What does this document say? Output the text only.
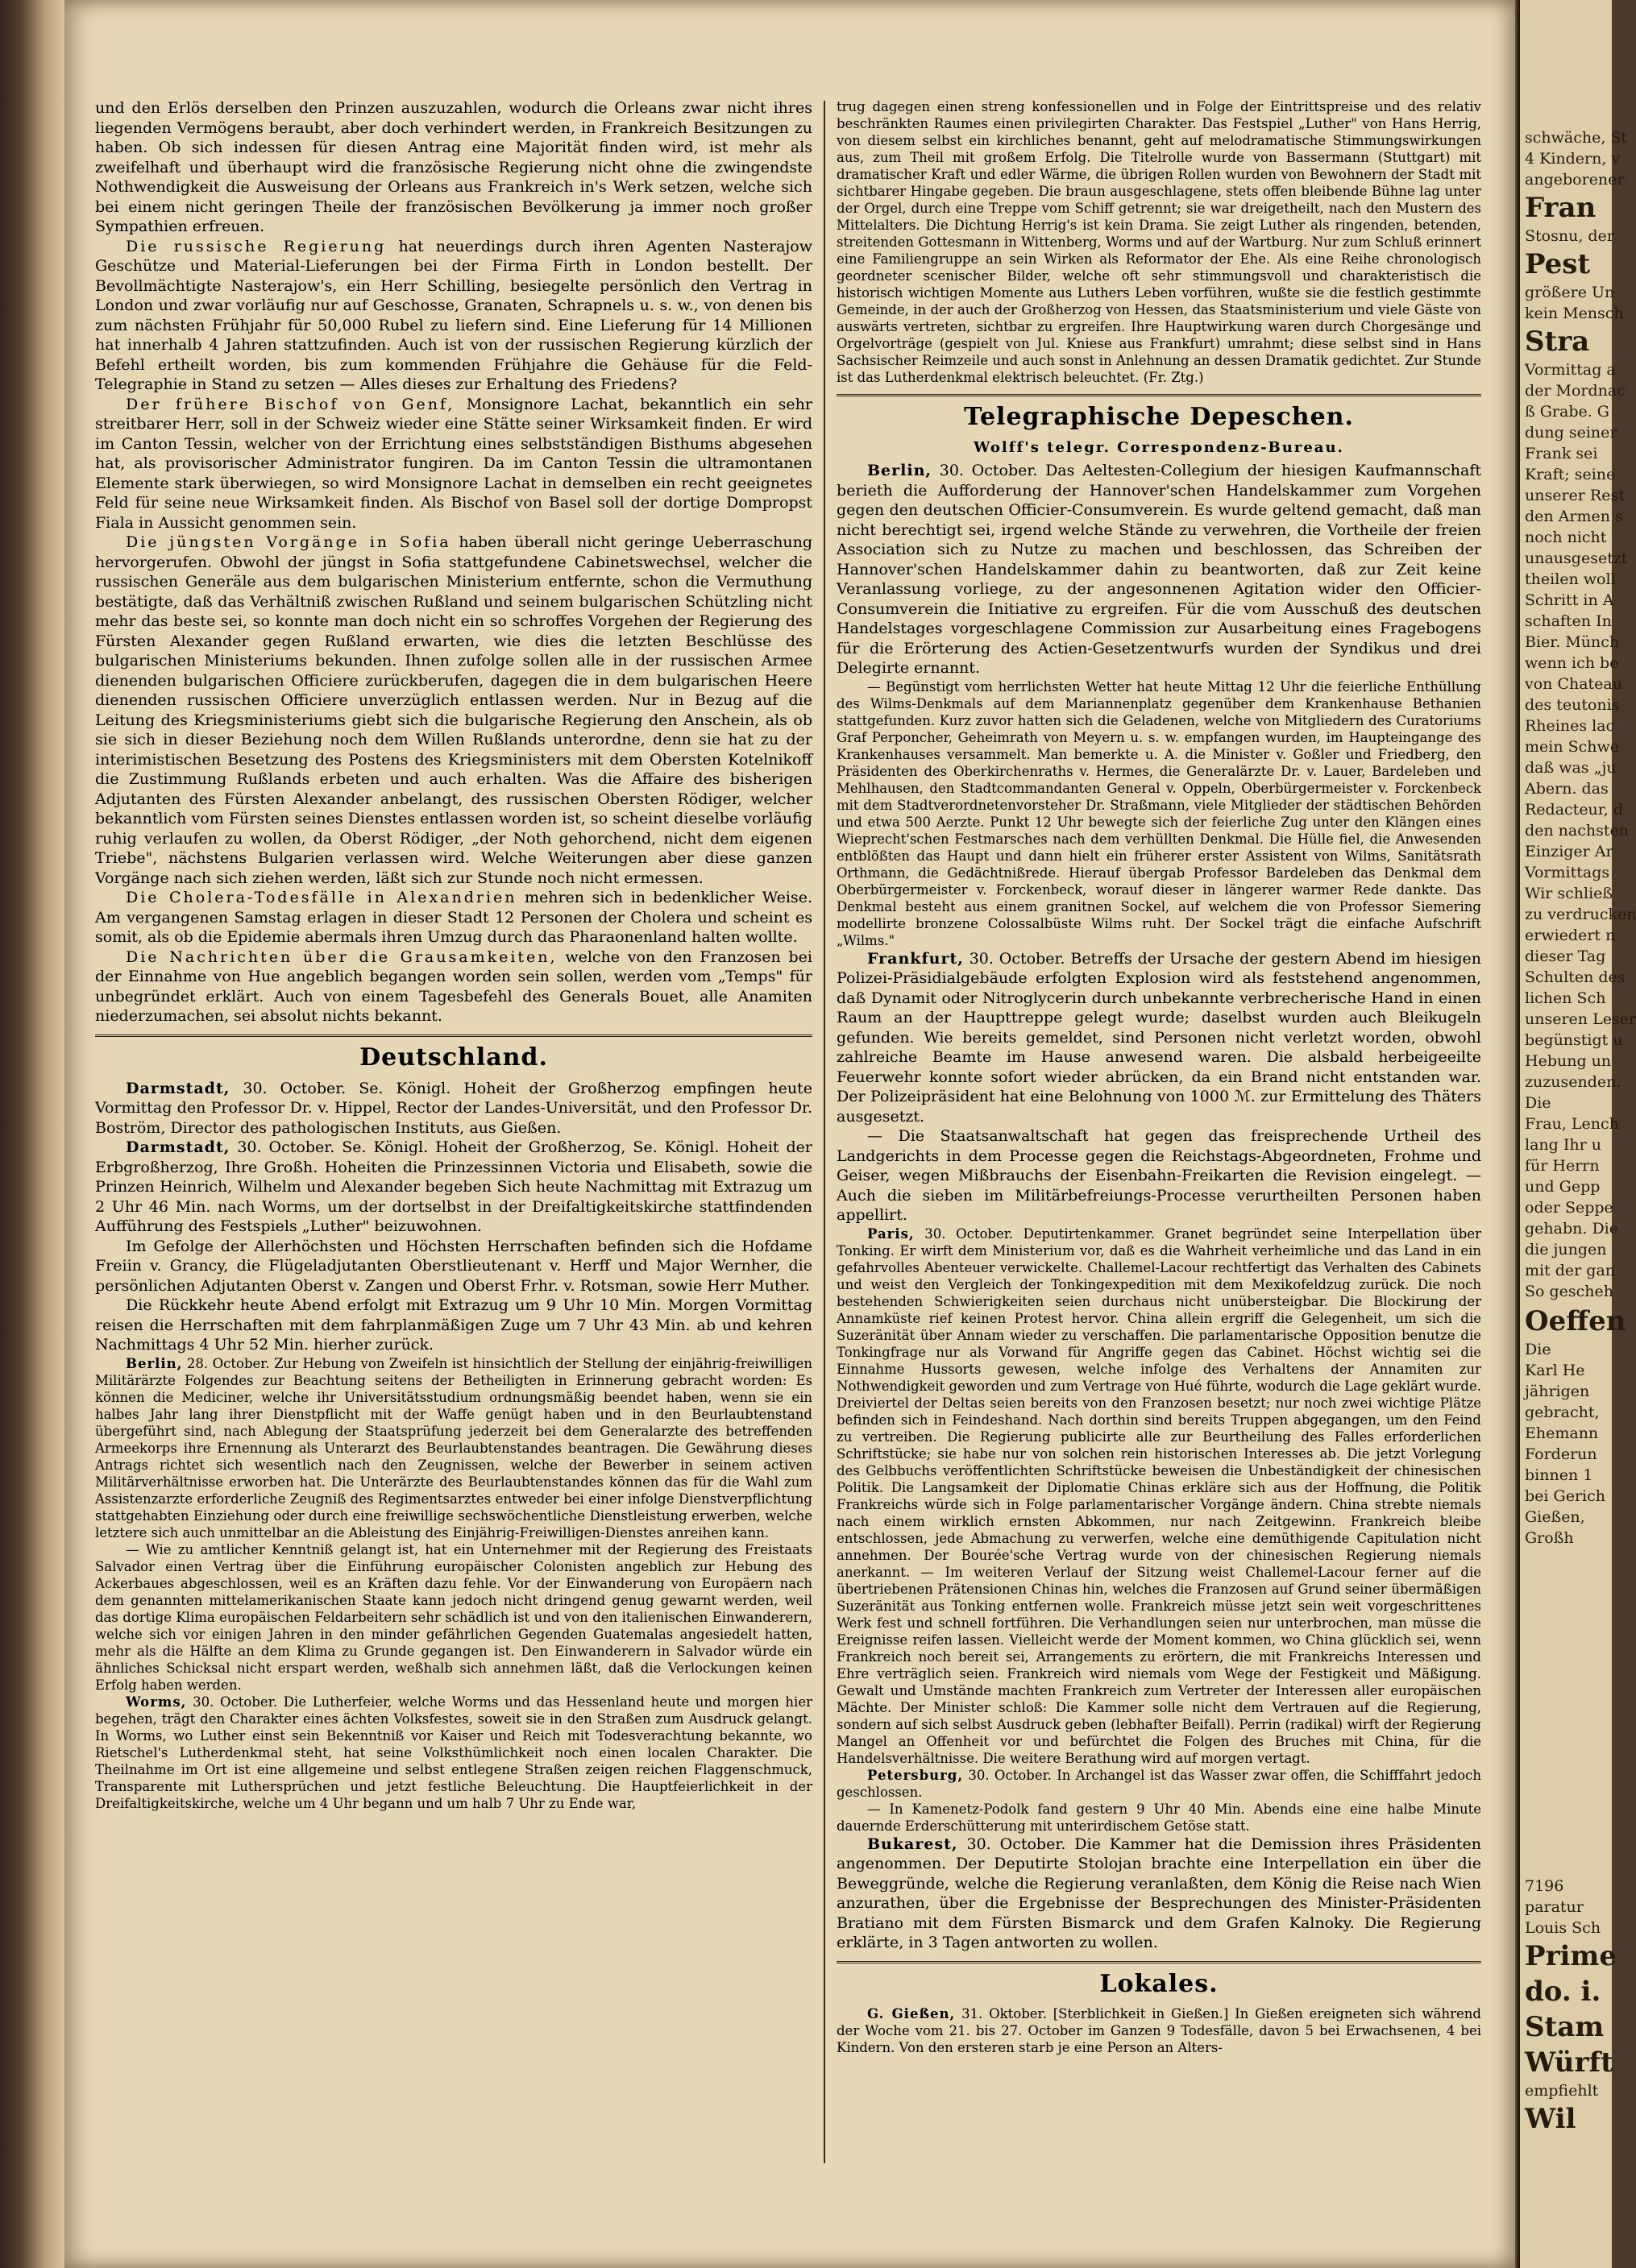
und den Erlös derselben den Prinzen auszuzahlen, wodurch die Orleans zwar nicht ihres liegenden Vermögens beraubt, aber doch verhindert werden, in Frankreich Besitzungen zu haben. Ob sich indessen für diesen Antrag eine Majorität finden wird, ist mehr als zweifelhaft und überhaupt wird die französische Regierung nicht ohne die zwingendste Nothwendigkeit die Ausweisung der Orleans aus Frankreich in's Werk setzen, welche sich bei einem nicht geringen Theile der französischen Bevölkerung ja immer noch großer Sympathien erfreuen.

Die russische Regierung hat neuerdings durch ihren Agenten Nasterajow Geschütze und Material-Lieferungen bei der Firma Firth in London bestellt. Der Bevollmächtigte Nasterajow's, ein Herr Schilling, besiegelte persönlich den Vertrag in London und zwar vorläufig nur auf Geschosse, Granaten, Schrapnels u. s. w., von denen bis zum nächsten Frühjahr für 50,000 Rubel zu liefern sind. Eine Lieferung für 14 Millionen hat innerhalb 4 Jahren stattzufinden. Auch ist von der russischen Regierung kürzlich der Befehl ertheilt worden, bis zum kommenden Frühjahre die Gehäuse für die Feld-Telegraphie in Stand zu setzen — Alles dieses zur Erhaltung des Friedens?

Der frühere Bischof von Genf, Monsignore Lachat, bekanntlich ein sehr streitbarer Herr, soll in der Schweiz wieder eine Stätte seiner Wirksamkeit finden. Er wird im Canton Tessin, welcher von der Errichtung eines selbstständigen Bisthums abgesehen hat, als provisorischer Administrator fungiren. Da im Canton Tessin die ultramontanen Elemente stark überwiegen, so wird Monsignore Lachat in demselben ein recht geeignetes Feld für seine neue Wirksamkeit finden. Als Bischof von Basel soll der dortige Dompropst Fiala in Aussicht genommen sein.

Die jüngsten Vorgänge in Sofia haben überall nicht geringe Ueberraschung hervorgerufen. Obwohl der jüngst in Sofia stattgefundene Cabinetswechsel, welcher die russischen Generäle aus dem bulgarischen Ministerium entfernte, schon die Vermuthung bestätigte, daß das Verhältniß zwischen Rußland und seinem bulgarischen Schützling nicht mehr das beste sei, so konnte man doch nicht ein so schroffes Vorgehen der Regierung des Fürsten Alexander gegen Rußland erwarten, wie dies die letzten Beschlüsse des bulgarischen Ministeriums bekunden. Ihnen zufolge sollen alle in der russischen Armee dienenden bulgarischen Officiere zurückberufen, dagegen die in dem bulgarischen Heere dienenden russischen Officiere unverzüglich entlassen werden. Nur in Bezug auf die Leitung des Kriegsministeriums giebt sich die bulgarische Regierung den Anschein, als ob sie sich in dieser Beziehung noch dem Willen Rußlands unterordne, denn sie hat zu der interimistischen Besetzung des Postens des Kriegsministers mit dem Obersten Kotelnikoff die Zustimmung Rußlands erbeten und auch erhalten. Was die Affaire des bisherigen Adjutanten des Fürsten Alexander anbelangt, des russischen Obersten Rödiger, welcher bekanntlich vom Fürsten seines Dienstes entlassen worden ist, so scheint dieselbe vorläufig ruhig verlaufen zu wollen, da Oberst Rödiger, „der Noth gehorchend, nicht dem eigenen Triebe", nächstens Bulgarien verlassen wird. Welche Weiterungen aber diese ganzen Vorgänge nach sich ziehen werden, läßt sich zur Stunde noch nicht ermessen.

Die Cholera-Todesfälle in Alexandrien mehren sich in bedenklicher Weise. Am vergangenen Samstag erlagen in dieser Stadt 12 Personen der Cholera und scheint es somit, als ob die Epidemie abermals ihren Umzug durch das Pharaonenland halten wollte.

Die Nachrichten über die Grausamkeiten, welche von den Franzosen bei der Einnahme von Hue angeblich begangen worden sein sollen, werden vom „Temps" für unbegründet erklärt. Auch von einem Tagesbefehl des Generals Bouet, alle Anamiten niederzumachen, sei absolut nichts bekannt.

Deutschland.

Darmstadt, 30. October. Se. Königl. Hoheit der Großherzog empfingen heute Vormittag den Professor Dr. v. Hippel, Rector der Landes-Universität, und den Professor Dr. Boström, Director des pathologischen Instituts, aus Gießen.

Darmstadt, 30. October. Se. Königl. Hoheit der Großherzog, Se. Königl. Hoheit der Erbgroßherzog, Ihre Großh. Hoheiten die Prinzessinnen Victoria und Elisabeth, sowie die Prinzen Heinrich, Wilhelm und Alexander begeben Sich heute Nachmittag mit Extrazug um 2 Uhr 46 Min. nach Worms, um der dortselbst in der Dreifaltigkeitskirche stattfindenden Aufführung des Festspiels „Luther" beizuwohnen.

Im Gefolge der Allerhöchsten und Höchsten Herrschaften befinden sich die Hofdame Freiin v. Grancy, die Flügeladjutanten Oberstlieutenant v. Herff und Major Wernher, die persönlichen Adjutanten Oberst v. Zangen und Oberst Frhr. v. Rotsman, sowie Herr Muther.

Die Rückkehr heute Abend erfolgt mit Extrazug um 9 Uhr 10 Min. Morgen Vormittag reisen die Herrschaften mit dem fahrplanmäßigen Zuge um 7 Uhr 43 Min. ab und kehren Nachmittags 4 Uhr 52 Min. hierher zurück.

Berlin, 28. October. Zur Hebung von Zweifeln ist hinsichtlich der Stellung der einjährig-freiwilligen Militärärzte Folgendes zur Beachtung seitens der Betheiligten in Erinnerung gebracht worden: Es können die Mediciner, welche ihr Universitätsstudium ordnungsmäßig beendet haben, wenn sie ein halbes Jahr lang ihrer Dienstpflicht mit der Waffe genügt haben und in den Beurlaubtenstand übergeführt sind, nach Ablegung der Staatsprüfung jederzeit bei dem Generalarzte des betreffenden Armeekorps ihre Ernennung als Unterarzt des Beurlaubtenstandes beantragen. Die Gewährung dieses Antrags richtet sich wesentlich nach den Zeugnissen, welche der Bewerber in seinem activen Militärverhältnisse erworben hat. Die Unterärzte des Beurlaubtenstandes können das für die Wahl zum Assistenzarzte erforderliche Zeugniß des Regimentsarztes entweder bei einer infolge Dienstverpflichtung stattgehabten Einziehung oder durch eine freiwillige sechswöchentliche Dienstleistung erwerben, welche letztere sich auch unmittelbar an die Ableistung des Einjährig-Freiwilligen-Dienstes anreihen kann.

— Wie zu amtlicher Kenntniß gelangt ist, hat ein Unternehmer mit der Regierung des Freistaats Salvador einen Vertrag über die Einführung europäischer Colonisten angeblich zur Hebung des Ackerbaues abgeschlossen, weil es an Kräften dazu fehle. Vor der Einwanderung von Europäern nach dem genannten mittelamerikanischen Staate kann jedoch nicht dringend genug gewarnt werden, weil das dortige Klima europäischen Feldarbeitern sehr schädlich ist und von den italienischen Einwanderern, welche sich vor einigen Jahren in den minder gefährlichen Gegenden Guatemalas angesiedelt hatten, mehr als die Hälfte an dem Klima zu Grunde gegangen ist. Den Einwanderern in Salvador würde ein ähnliches Schicksal nicht erspart werden, weßhalb sich annehmen läßt, daß die Verlockungen keinen Erfolg haben werden.

Worms, 30. October. Die Lutherfeier, welche Worms und das Hessenland heute und morgen hier begehen, trägt den Charakter eines ächten Volksfestes, soweit sie in den Straßen zum Ausdruck gelangt. In Worms, wo Luther einst sein Bekenntniß vor Kaiser und Reich mit Todesverachtung bekannte, wo Rietschel's Lutherdenkmal steht, hat seine Volksthümlichkeit noch einen localen Charakter. Die Theilnahme im Ort ist eine allgemeine und selbst entlegene Straßen zeigen reichen Flaggenschmuck, Transparente mit Luthersprüchen und jetzt festliche Beleuchtung. Die Hauptfeierlichkeit in der Dreifaltigkeitskirche, welche um 4 Uhr begann und um halb 7 Uhr zu Ende war,

trug dagegen einen streng konfessionellen und in Folge der Eintrittspreise und des relativ beschränkten Raumes einen privilegirten Charakter. Das Festspiel „Luther" von Hans Herrig, von diesem selbst ein kirchliches benannt, geht auf melodramatische Stimmungswirkungen aus, zum Theil mit großem Erfolg. Die Titelrolle wurde von Bassermann (Stuttgart) mit dramatischer Kraft und edler Wärme, die übrigen Rollen wurden von Bewohnern der Stadt mit sichtbarer Hingabe gegeben. Die braun ausgeschlagene, stets offen bleibende Bühne lag unter der Orgel, durch eine Treppe vom Schiff getrennt; sie war dreigetheilt, nach den Mustern des Mittelalters. Die Dichtung Herrig's ist kein Drama. Sie zeigt Luther als ringenden, betenden, streitenden Gottesmann in Wittenberg, Worms und auf der Wartburg. Nur zum Schluß erinnert eine Familiengruppe an sein Wirken als Reformator der Ehe. Als eine Reihe chronologisch geordneter scenischer Bilder, welche oft sehr stimmungsvoll und charakteristisch die historisch wichtigen Momente aus Luthers Leben vorführen, wußte sie die festlich gestimmte Gemeinde, in der auch der Großherzog von Hessen, das Staatsministerium und viele Gäste von auswärts vertreten, sichtbar zu ergreifen. Ihre Hauptwirkung waren durch Chorgesänge und Orgelvorträge (gespielt von Jul. Kniese aus Frankfurt) umrahmt; diese selbst sind in Hans Sachsischer Reimzeile und auch sonst in Anlehnung an dessen Dramatik gedichtet. Zur Stunde ist das Lutherdenkmal elektrisch beleuchtet. (Fr. Ztg.)

Telegraphische Depeschen.
Wolff's telegr. Correspondenz-Bureau.

Berlin, 30. October. Das Aeltesten-Collegium der hiesigen Kaufmannschaft berieth die Aufforderung der Hannover'schen Handelskammer zum Vorgehen gegen den deutschen Officier-Consumverein. Es wurde geltend gemacht, daß man nicht berechtigt sei, irgend welche Stände zu verwehren, die Vortheile der freien Association sich zu Nutze zu machen und beschlossen, das Schreiben der Hannover'schen Handelskammer dahin zu beantworten, daß zur Zeit keine Veranlassung vorliege, zu der angesonnenen Agitation wider den Officier-Consumverein die Initiative zu ergreifen. Für die vom Ausschuß des deutschen Handelstages vorgeschlagene Commission zur Ausarbeitung eines Fragebogens für die Erörterung des Actien-Gesetzentwurfs wurden der Syndikus und drei Delegirte ernannt.

— Begünstigt vom herrlichsten Wetter hat heute Mittag 12 Uhr die feierliche Enthüllung des Wilms-Denkmals auf dem Mariannenplatz gegenüber dem Krankenhause Bethanien stattgefunden. Kurz zuvor hatten sich die Geladenen, welche von Mitgliedern des Curatoriums Graf Perponcher, Geheimrath von Meyern u. s. w. empfangen wurden, im Haupteingange des Krankenhauses versammelt. Man bemerkte u. A. die Minister v. Goßler und Friedberg, den Präsidenten des Oberkirchenraths v. Hermes, die Generalärzte Dr. v. Lauer, Bardeleben und Mehlhausen, den Stadtcommandanten General v. Oppeln, Oberbürgermeister v. Forckenbeck mit dem Stadtverordnetenvorsteher Dr. Straßmann, viele Mitglieder der städtischen Behörden und etwa 500 Aerzte. Punkt 12 Uhr bewegte sich der feierliche Zug unter den Klängen eines Wieprecht'schen Festmarsches nach dem verhüllten Denkmal. Die Hülle fiel, die Anwesenden entblößten das Haupt und dann hielt ein früherer erster Assistent von Wilms, Sanitätsrath Orthmann, die Gedächtnißrede. Hierauf übergab Professor Bardeleben das Denkmal dem Oberbürgermeister v. Forckenbeck, worauf dieser in längerer warmer Rede dankte. Das Denkmal besteht aus einem granitnen Sockel, auf welchem die von Professor Siemering modellirte bronzene Colossalbüste Wilms ruht. Der Sockel trägt die einfache Aufschrift „Wilms."

Frankfurt, 30. October. Betreffs der Ursache der gestern Abend im hiesigen Polizei-Präsidialgebäude erfolgten Explosion wird als feststehend angenommen, daß Dynamit oder Nitroglycerin durch unbekannte verbrecherische Hand in einen Raum an der Haupttreppe gelegt wurde; daselbst wurden auch Bleikugeln gefunden. Wie bereits gemeldet, sind Personen nicht verletzt worden, obwohl zahlreiche Beamte im Hause anwesend waren. Die alsbald herbeigeeilte Feuerwehr konnte sofort wieder abrücken, da ein Brand nicht entstanden war. Der Polizeipräsident hat eine Belohnung von 1000 ℳ. zur Ermittelung des Thäters ausgesetzt.

— Die Staatsanwaltschaft hat gegen das freisprechende Urtheil des Landgerichts in dem Processe gegen die Reichstags-Abgeordneten, Frohme und Geiser, wegen Mißbrauchs der Eisenbahn-Freikarten die Revision eingelegt. — Auch die sieben im Militärbefreiungs-Processe verurtheilten Personen haben appellirt.

Paris, 30. October. Deputirtenkammer. Granet begründet seine Interpellation über Tonking. Er wirft dem Ministerium vor, daß es die Wahrheit verheimliche und das Land in ein gefahrvolles Abenteuer verwickelte. Challemel-Lacour rechtfertigt das Verhalten des Cabinets und weist den Vergleich der Tonkingexpedition mit dem Mexikofeldzug zurück. Die noch bestehenden Schwierigkeiten seien durchaus nicht unübersteigbar. Die Blockirung der Annamküste rief keinen Protest hervor. China allein ergriff die Gelegenheit, um sich die Suzeränität über Annam wieder zu verschaffen. Die parlamentarische Opposition benutze die Tonkingfrage nur als Vorwand für Angriffe gegen das Cabinet. Höchst wichtig sei die Einnahme Hussorts gewesen, welche infolge des Verhaltens der Annamiten zur Nothwendigkeit geworden und zum Vertrage von Hué führte, wodurch die Lage geklärt wurde. Dreiviertel der Deltas seien bereits von den Franzosen besetzt; nur noch zwei wichtige Plätze befinden sich in Feindeshand. Nach dorthin sind bereits Truppen abgegangen, um den Feind zu vertreiben. Die Regierung publicirte alle zur Beurtheilung des Falles erforderlichen Schriftstücke; sie habe nur von solchen rein historischen Interesses ab. Die jetzt Vorlegung des Gelbbuchs veröffentlichten Schriftstücke beweisen die Unbeständigkeit der chinesischen Politik. Die Langsamkeit der Diplomatie Chinas erkläre sich aus der Hoffnung, die Politik Frankreichs würde sich in Folge parlamentarischer Vorgänge ändern. China strebte niemals nach einem wirklich ernsten Abkommen, nur nach Zeitgewinn. Frankreich bleibe entschlossen, jede Abmachung zu verwerfen, welche eine demüthigende Capitulation nicht annehmen. Der Bourée'sche Vertrag wurde von der chinesischen Regierung niemals anerkannt. — Im weiteren Verlauf der Sitzung weist Challemel-Lacour ferner auf die übertriebenen Prätensionen Chinas hin, welches die Franzosen auf Grund seiner übermäßigen Suzeränität aus Tonking entfernen wolle. Frankreich müsse jetzt sein weit vorgeschrittenes Werk fest und schnell fortführen. Die Verhandlungen seien nur unterbrochen, man müsse die Ereignisse reifen lassen. Vielleicht werde der Moment kommen, wo China glücklich sei, wenn Frankreich noch bereit sei, Arrangements zu erörtern, die mit Frankreichs Interessen und Ehre verträglich seien. Frankreich wird niemals vom Wege der Festigkeit und Mäßigung. Gewalt und Umstände machten Frankreich zum Vertreter der Interessen aller europäischen Mächte. Der Minister schloß: Die Kammer solle nicht dem Vertrauen auf die Regierung, sondern auf sich selbst Ausdruck geben (lebhafter Beifall). Perrin (radikal) wirft der Regierung Mangel an Offenheit vor und befürchtet die Folgen des Bruches mit China, für die Handelsverhältnisse. Die weitere Berathung wird auf morgen vertagt.

Petersburg, 30. October. In Archangel ist das Wasser zwar offen, die Schifffahrt jedoch geschlossen.

— In Kamenetz-Podolk fand gestern 9 Uhr 40 Min. Abends eine eine halbe Minute dauernde Erderschütterung mit unterirdischem Getöse statt.

Bukarest, 30. October. Die Kammer hat die Demission ihres Präsidenten angenommen. Der Deputirte Stolojan brachte eine Interpellation ein über die Beweggründe, welche die Regierung veranlaßten, dem König die Reise nach Wien anzurathen, über die Ergebnisse der Besprechungen des Minister-Präsidenten Bratiano mit dem Fürsten Bismarck und dem Grafen Kalnoky. Die Regierung erklärte, in 3 Tagen antworten zu wollen.

Lokales.

G. Gießen, 31. Oktober. [Sterblichkeit in Gießen.] In Gießen ereigneten sich während der Woche vom 21. bis 27. October im Ganzen 9 Todesfälle, davon 5 bei Erwachsenen, 4 bei Kindern. Von den ersteren starb je eine Person an Alters-

schwäche, St
4 Kindern, v
angeborener
Fran
Stosnu, der
Pest
größere Un
kein Mensch
Stra
Vormittag a
der Mordnac
ß Grabe. G
dung seiner
Frank sei
Kraft; seine
unserer Rest
den Armen s
noch nicht
unausgesetzt
theilen woll
Schritt in A
schaften In
Bier. Münch
wenn ich be
von Chateau
des teutonis
Rheines lac
mein Schwe
daß was „ju
Abern. das
Redacteur, d
den nachsten
Einziger Ar
Vormittags
Wir schließ
zu verdrucken
erwiedert n
dieser Tag
Schulten des
lichen Sch
unseren Leser
begünstigt u
Hebung un
zuzusenden.
Die
Frau, Lench
lang Ihr u
für Herrn
und Gepp
oder Seppe
gehabn. Die
die jungen
mit der gan
So gescheh
Oeffen
Die
Karl He
jährigen
gebracht,
Ehemann
Forderun
binnen 1
bei Gerich
Gießen,
Großh
7196
paratur
Louis Sch
Prime
do. i.
Stam
Würft
empfiehlt
Wil
